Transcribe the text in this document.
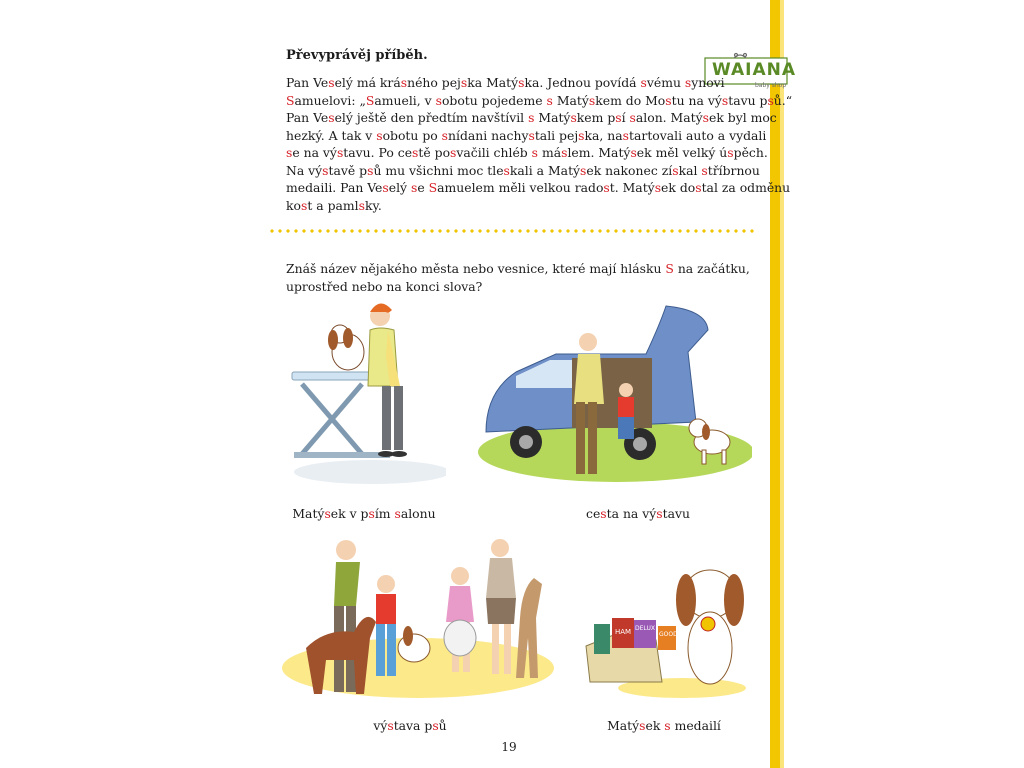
WAIANA
baby shop
Převyprávěj příběh.

Pan Veselý má krásného pejska Matýska. Jednou povídá svému synovi
Samuelovi: „Samueli, v sobotu pojedeme s Matýskem do Mostu na výstavu psů.“
Pan Veselý ještě den předtím navštívil s Matýskem psí salon. Matýsek byl moc
hezký. A tak v sobotu po snídani nachystali pejska, nastartovali auto a vydali
se na výstavu. Po cestě posvačili chléb s máslem. Matýsek měl velký úspěch.
Na výstavě psů mu všichni moc tleskali a Matýsek nakonec získal stříbrnou
medaili. Pan Veselý se Samuelem měli velkou radost. Matýsek dostal za odměnu
kost a pamlsky.

Znáš název nějakého města nebo vesnice, které mají hlásku S na začátku,
uprostřed nebo na konci slova?

HAM DELUX
GOOD
Matýsek v psím salonu	cesta na výstavu
výstava psů	Matýsek s medailí
19
